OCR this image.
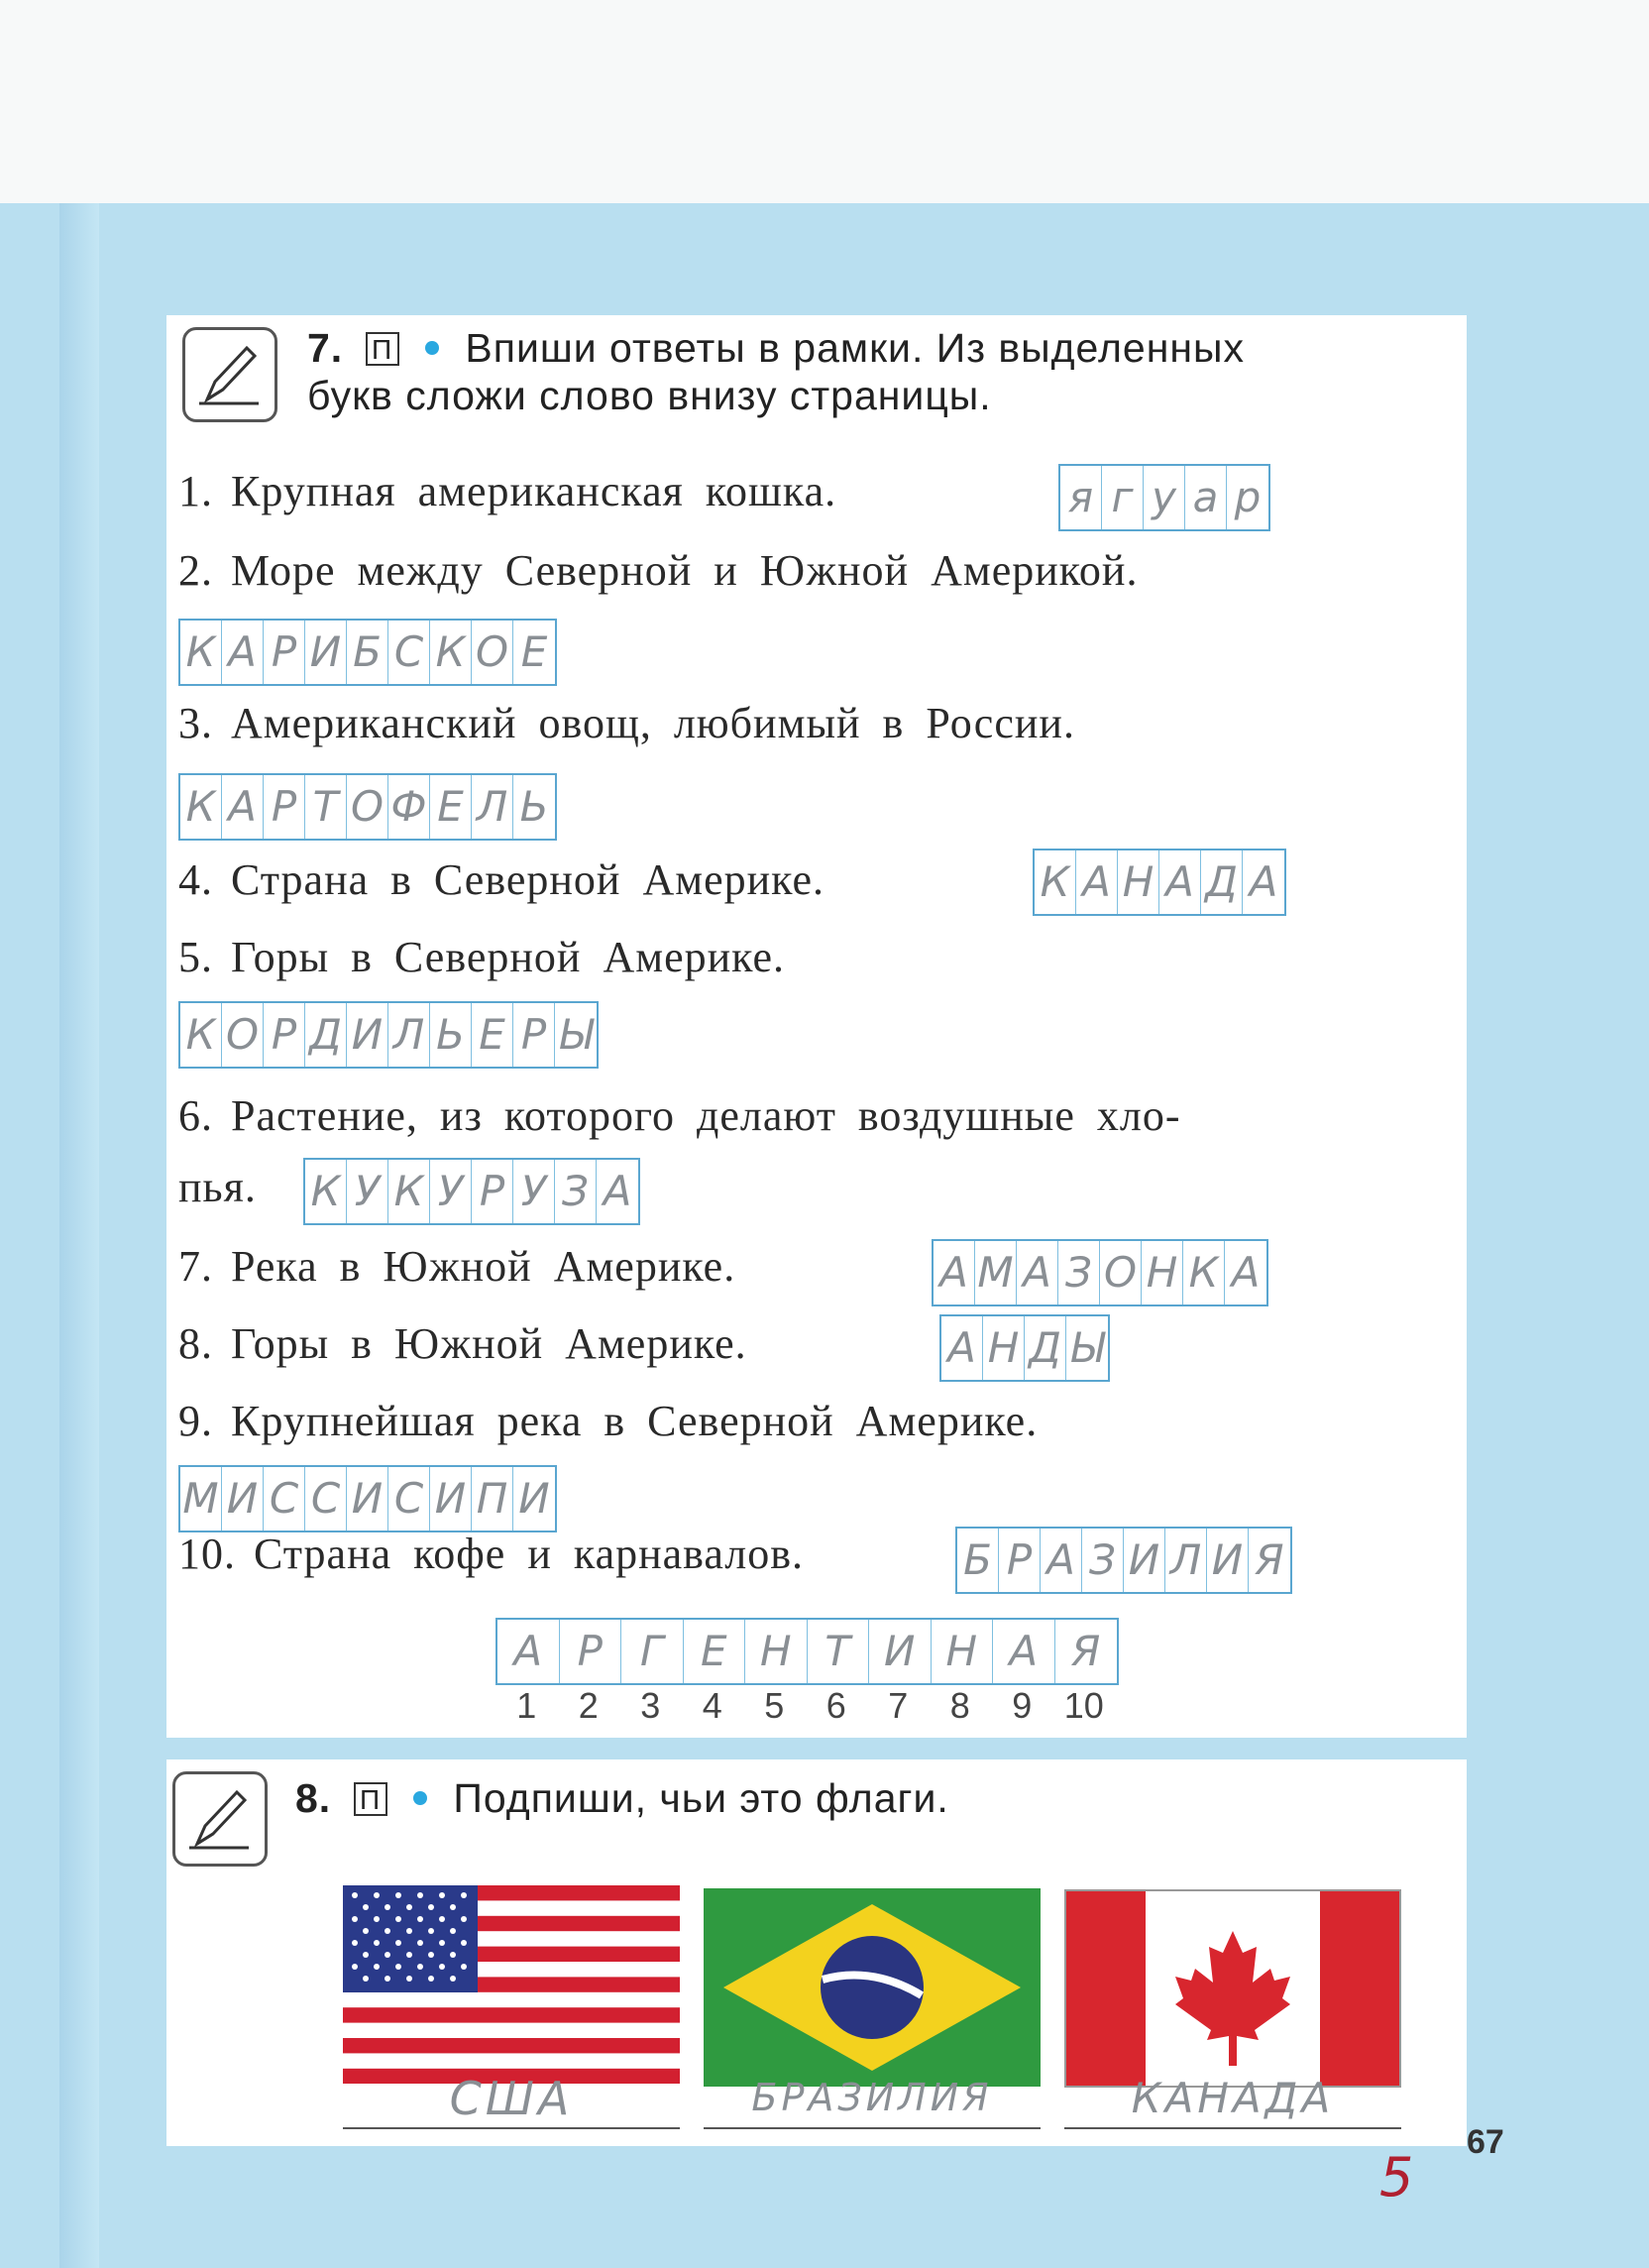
7. П Впиши ответы в рамки. Из выделенных
букв сложи слово внизу страницы.
1. Крупная американская кошка.	я г у а р
2. Море между Северной и Южной Америкой.
К А Р И Б С К О Е
3. Американский овощ, любимый в России.
К А Р Т О Ф Е Л Ь
4. Страна в Северной Америке.	К А Н А Д А
5. Горы в Северной Америке.
К О Р Д И Л Ь Е Р Ы
6. Растение, из которого делают воздушные хло-
пья. К У К У Р У З А
7. Река в Южной Америке.	А М А З О Н К А
8. Горы в Южной Америке.	А Н Д Ы
9. Крупнейшая река в Северной Америке.
М И С С И С И П И
10. Страна кофе и карнавалов.	Б Р А З И Л И Я
А Р Г Е Н Т И Н А Я
1	2	3	4	5	6	7	8	9 10
8. П Подпиши, чьи это флаги.
США	БРАЗИЛИЯ	КАНАДА
67
5
